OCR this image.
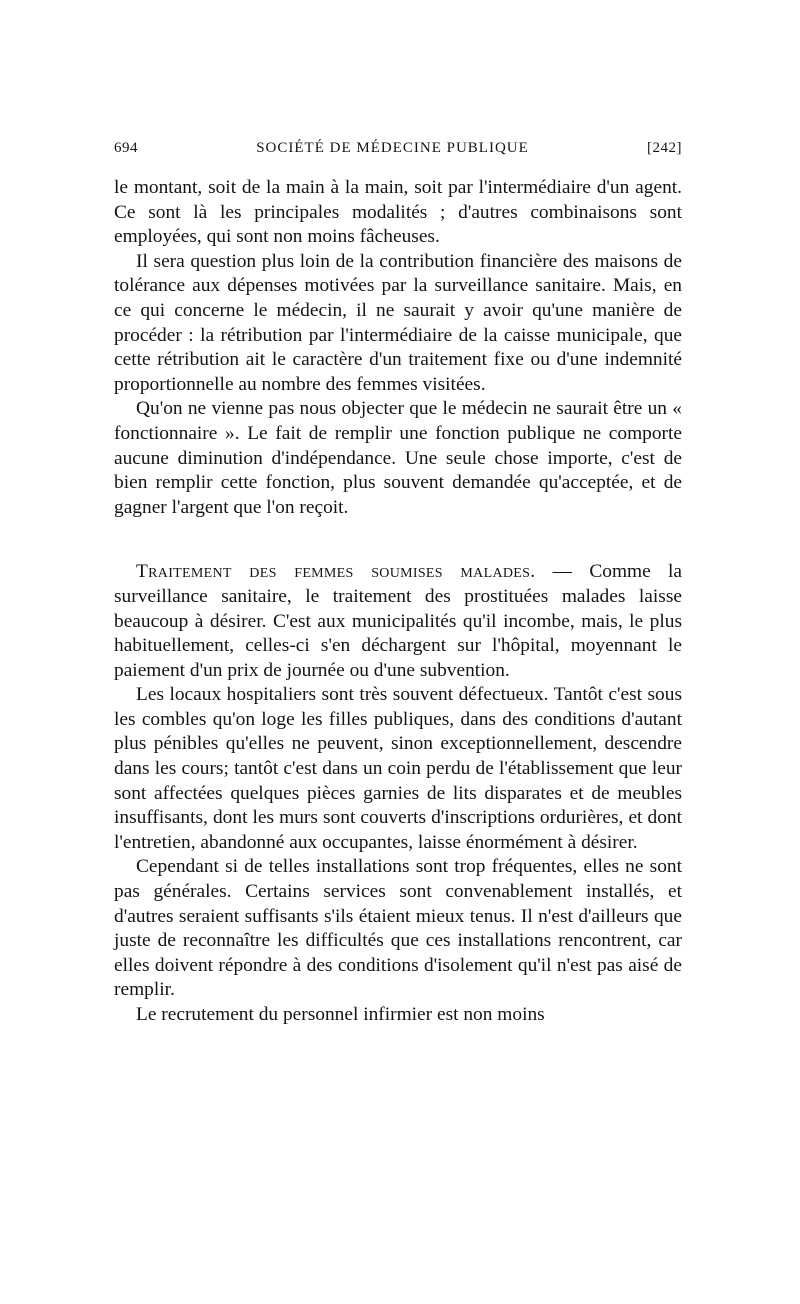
694	SOCIÉTÉ DE MÉDECINE PUBLIQUE	[242]

le montant, soit de la main à la main, soit par l'intermédiaire d'un agent. Ce sont là les principales modalités ; d'autres combinaisons sont employées, qui sont non moins fâcheuses.

Il sera question plus loin de la contribution financière des maisons de tolérance aux dépenses motivées par la surveillance sanitaire. Mais, en ce qui concerne le médecin, il ne saurait y avoir qu'une manière de procéder : la rétribution par l'intermédiaire de la caisse municipale, que cette rétribution ait le caractère d'un traitement fixe ou d'une indemnité proportionnelle au nombre des femmes visitées.

Qu'on ne vienne pas nous objecter que le médecin ne saurait être un « fonctionnaire ». Le fait de remplir une fonction publique ne comporte aucune diminution d'indépendance. Une seule chose importe, c'est de bien remplir cette fonction, plus souvent demandée qu'acceptée, et de gagner l'argent que l'on reçoit.

Traitement des femmes soumises malades. — Comme la surveillance sanitaire, le traitement des prostituées malades laisse beaucoup à désirer. C'est aux municipalités qu'il incombe, mais, le plus habituellement, celles-ci s'en déchargent sur l'hôpital, moyennant le paiement d'un prix de journée ou d'une subvention.

Les locaux hospitaliers sont très souvent défectueux. Tantôt c'est sous les combles qu'on loge les filles publiques, dans des conditions d'autant plus pénibles qu'elles ne peuvent, sinon exceptionnellement, descendre dans les cours; tantôt c'est dans un coin perdu de l'établissement que leur sont affectées quelques pièces garnies de lits disparates et de meubles insuffisants, dont les murs sont couverts d'inscriptions ordurières, et dont l'entretien, abandonné aux occupantes, laisse énormément à désirer.

Cependant si de telles installations sont trop fréquentes, elles ne sont pas générales. Certains services sont convenablement installés, et d'autres seraient suffisants s'ils étaient mieux tenus. Il n'est d'ailleurs que juste de reconnaître les difficultés que ces installations rencontrent, car elles doivent répondre à des conditions d'isolement qu'il n'est pas aisé de remplir.

Le recrutement du personnel infirmier est non moins
